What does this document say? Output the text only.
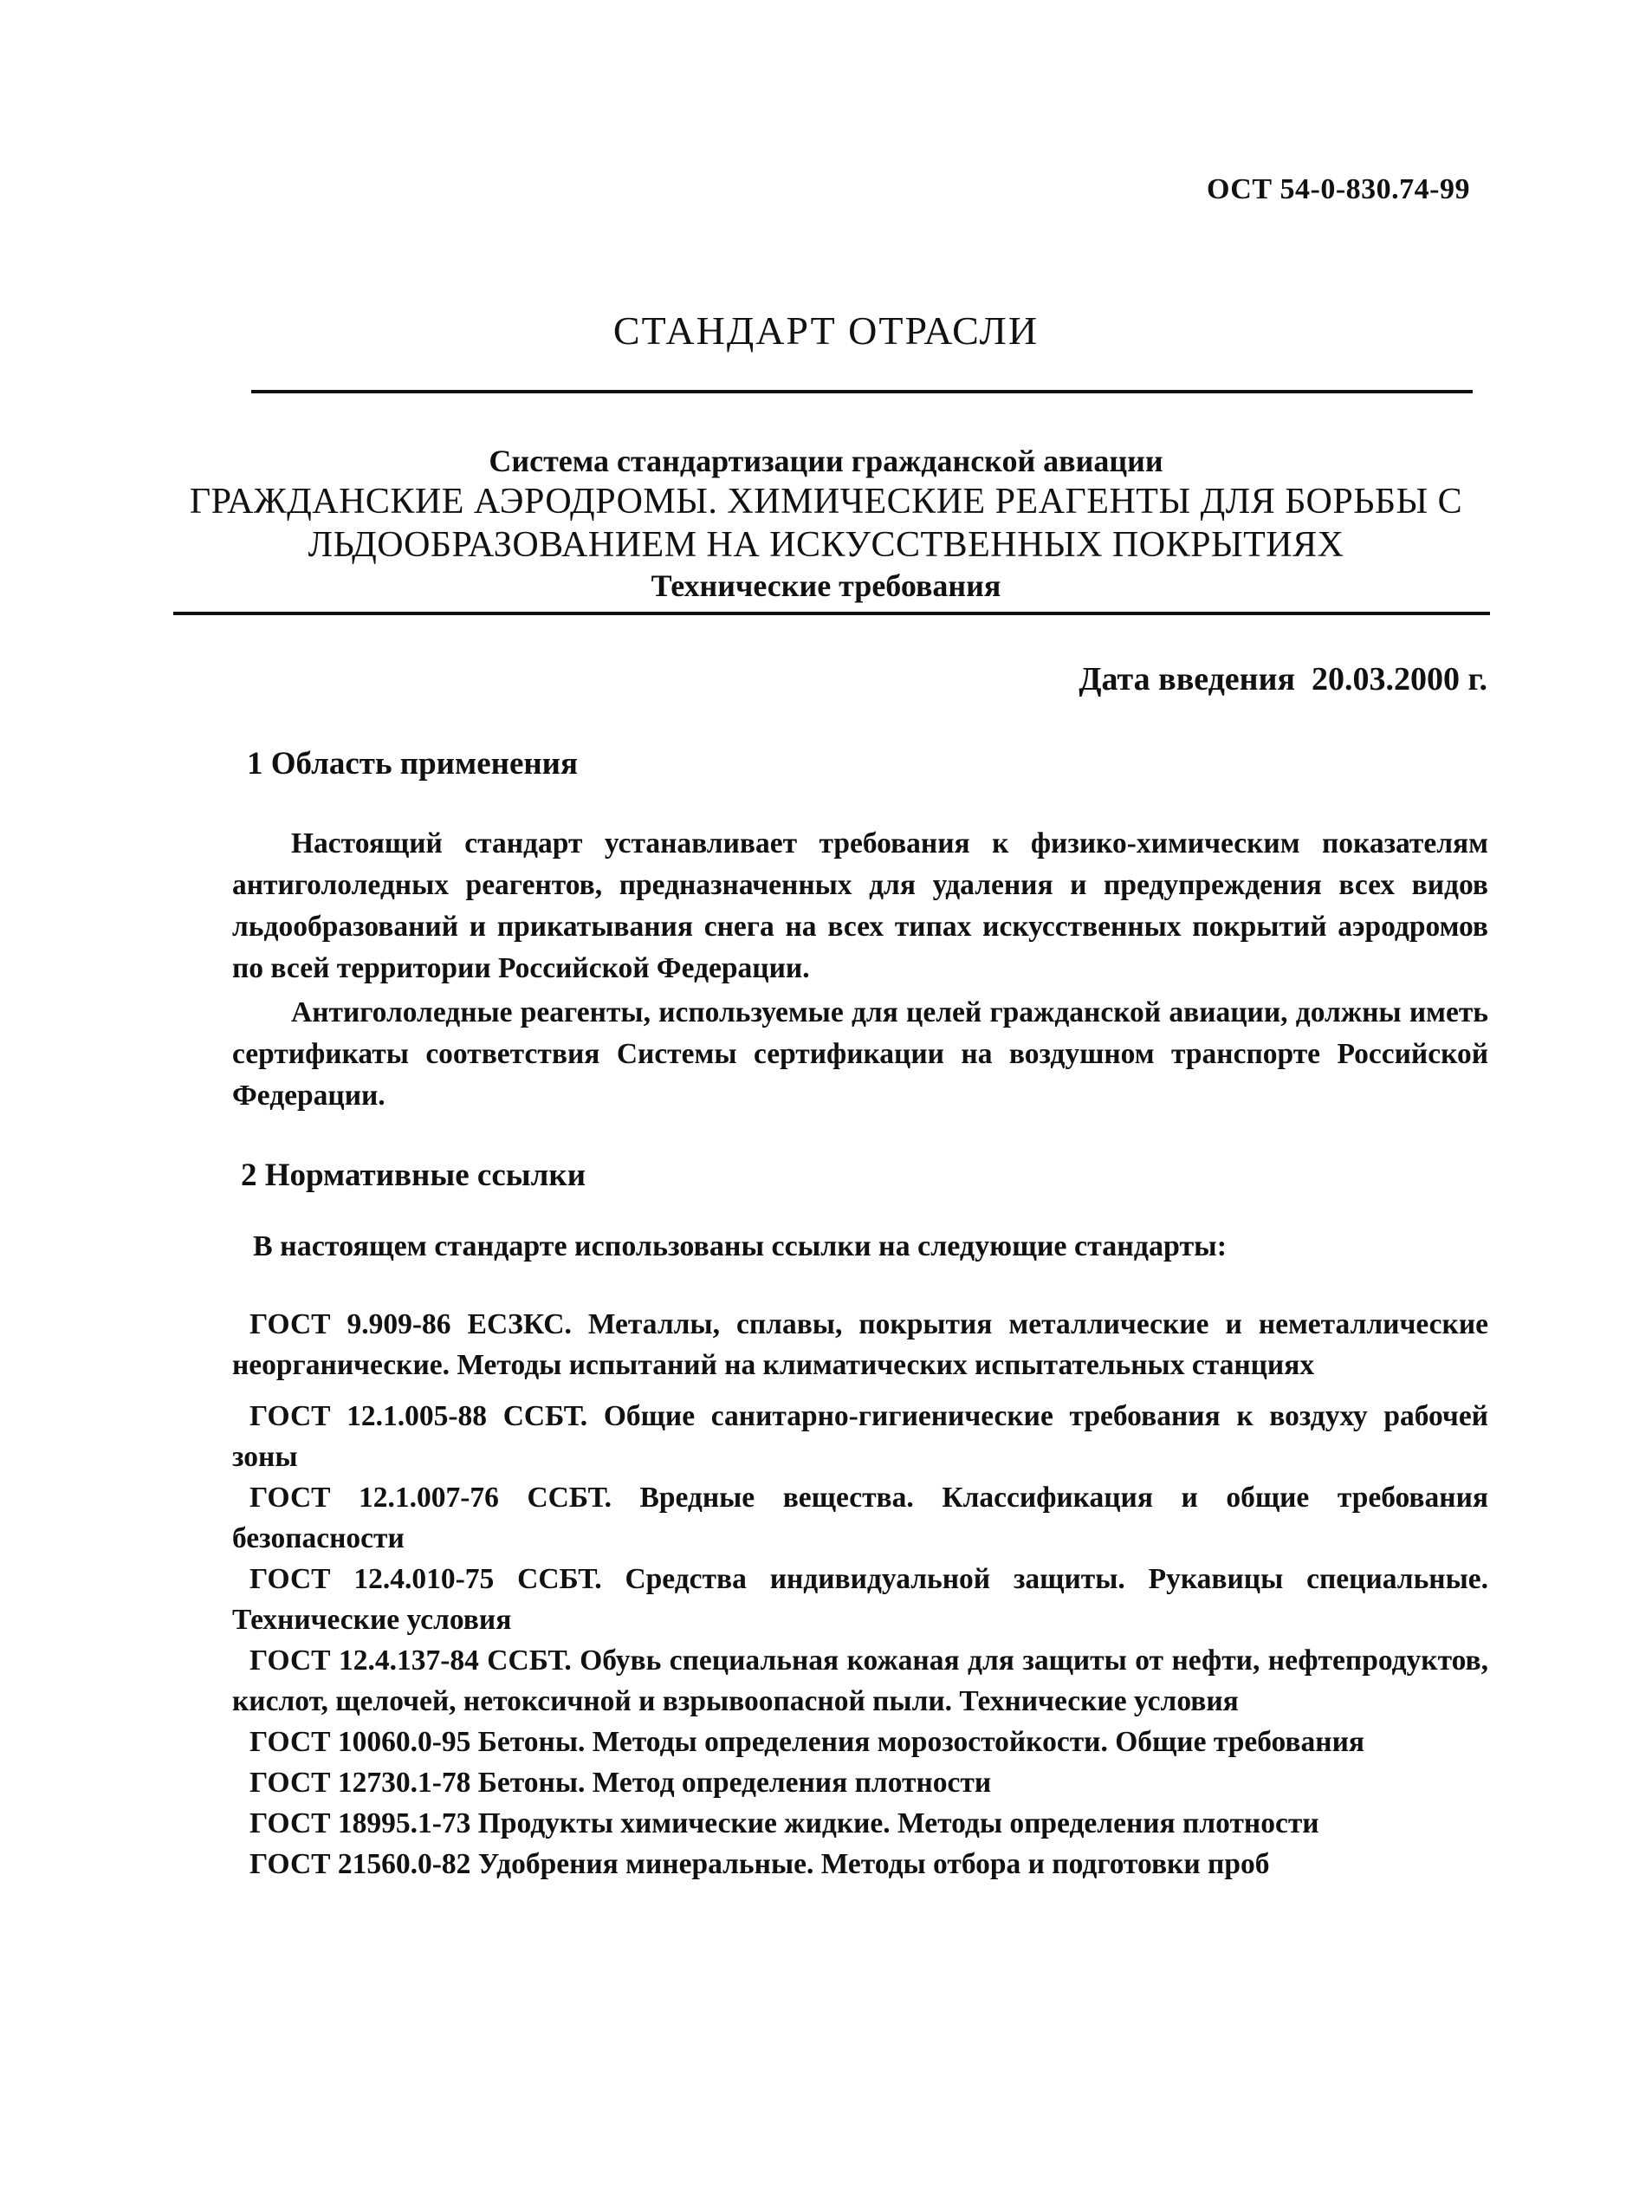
ОСТ 54-0-830.74-99
СТАНДАРТ ОТРАСЛИ
Система стандартизации гражданской авиации
ГРАЖДАНСКИЕ АЭРОДРОМЫ. ХИМИЧЕСКИЕ РЕАГЕНТЫ ДЛЯ БОРЬБЫ С
ЛЬДООБРАЗОВАНИЕМ НА ИСКУССТВЕННЫХ ПОКРЫТИЯХ
Технические требования
Дата введения  20.03.2000 г.
1 Область применения
Настоящий стандарт устанавливает требования к физико-химическим показателям антигололедных реагентов, предназначенных для удаления и предупреждения всех видов льдообразований и прикатывания снега на всех типах искусственных покрытий аэродромов по всей территории Российской Федерации.
Антигололедные реагенты, используемые для целей гражданской авиации, должны иметь сертификаты соответствия Системы сертификации на воздушном транспорте Российской Федерации.
2 Нормативные ссылки
В настоящем стандарте использованы ссылки на следующие стандарты:

ГОСТ 9.909-86 ЕСЗКС. Металлы, сплавы, покрытия металлические и неметаллические неорганические. Методы испытаний на климатических испытательных станциях

ГОСТ 12.1.005-88 ССБТ. Общие санитарно-гигиенические требования к воздуху рабочей зоны

ГОСТ 12.1.007-76 ССБТ. Вредные вещества. Классификация и общие требования безопасности

ГОСТ 12.4.010-75 ССБТ. Средства индивидуальной защиты. Рукавицы специальные. Технические условия

ГОСТ 12.4.137-84 ССБТ. Обувь специальная кожаная для защиты от нефти, нефтепродуктов, кислот, щелочей, нетоксичной и взрывоопасной пыли. Технические условия

ГОСТ 10060.0-95 Бетоны. Методы определения морозостойкости. Общие требования

ГОСТ 12730.1-78 Бетоны. Метод определения плотности

ГОСТ 18995.1-73 Продукты химические жидкие. Методы определения плотности

ГОСТ 21560.0-82 Удобрения минеральные. Методы отбора и подготовки проб
